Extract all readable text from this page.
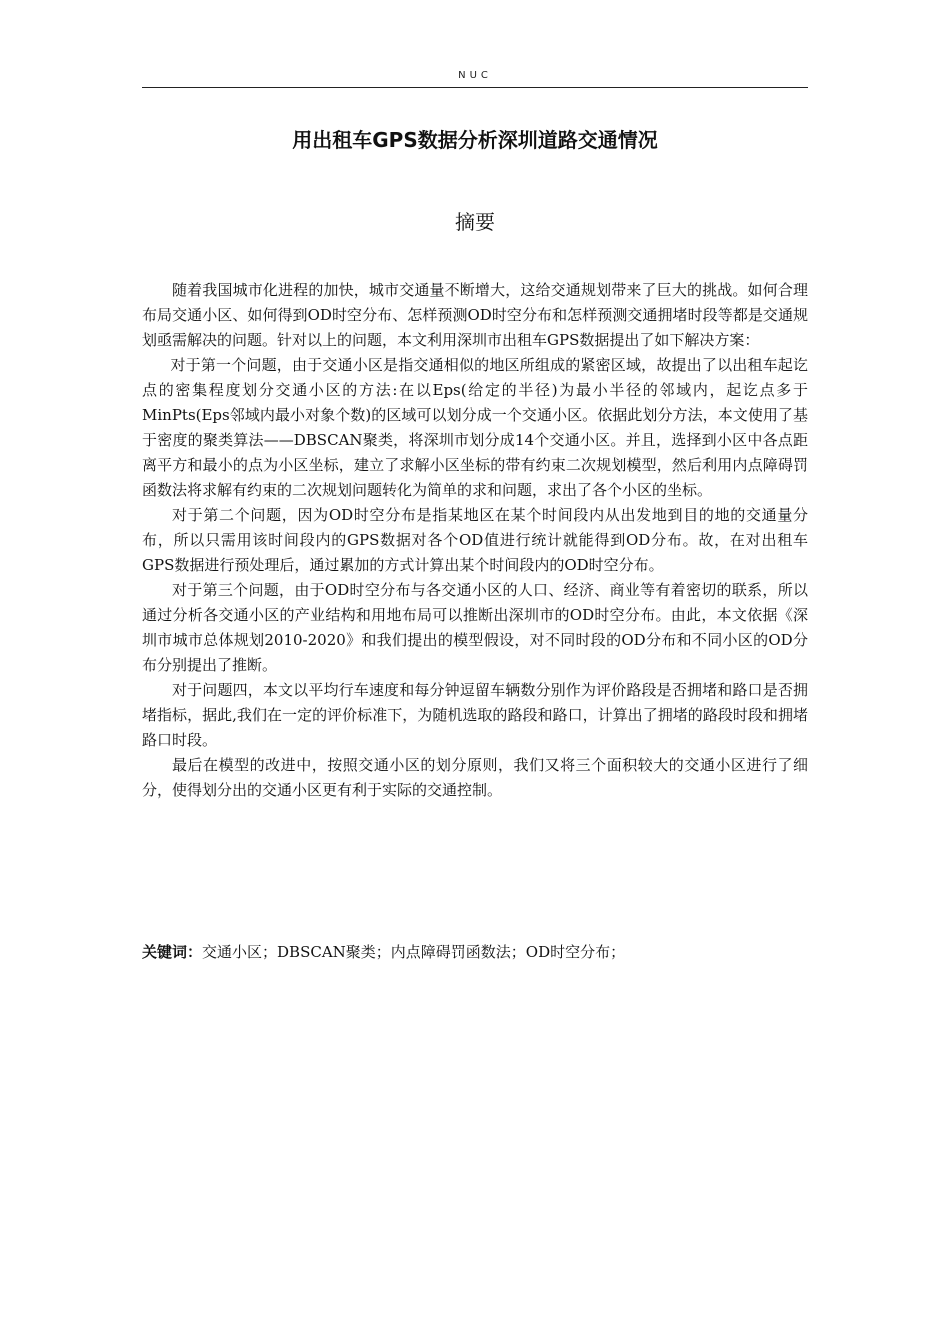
NUC
用出租车GPS数据分析深圳道路交通情况
摘要

随着我国城市化进程的加快，城市交通量不断增大，这给交通规划带来了巨大的挑战。如何合理布局交通小区、如何得到OD时空分布、怎样预测OD时空分布和怎样预测交通拥堵时段等都是交通规划亟需解决的问题。针对以上的问题，本文利用深圳市出租车GPS数据提出了如下解决方案：

对于第一个问题，由于交通小区是指交通相似的地区所组成的紧密区域，故提出了以出租车起讫点的密集程度划分交通小区的方法:在以Eps(给定的半径)为最小半径的邻域内，起讫点多于MinPts(Eps邻域内最小对象个数)的区域可以划分成一个交通小区。依据此划分方法，本文使用了基于密度的聚类算法——DBSCAN聚类，将深圳市划分成14个交通小区。并且，选择到小区中各点距离平方和最小的点为小区坐标，建立了求解小区坐标的带有约束二次规划模型，然后利用内点障碍罚函数法将求解有约束的二次规划问题转化为简单的求和问题，求出了各个小区的坐标。

对于第二个问题，因为OD时空分布是指某地区在某个时间段内从出发地到目的地的交通量分布，所以只需用该时间段内的GPS数据对各个OD值进行统计就能得到OD分布。故，在对出租车GPS数据进行预处理后，通过累加的方式计算出某个时间段内的OD时空分布。

对于第三个问题，由于OD时空分布与各交通小区的人口、经济、商业等有着密切的联系，所以通过分析各交通小区的产业结构和用地布局可以推断出深圳市的OD时空分布。由此，本文依据《深圳市城市总体规划2010-2020》和我们提出的模型假设，对不同时段的OD分布和不同小区的OD分布分别提出了推断。

对于问题四，本文以平均行车速度和每分钟逗留车辆数分别作为评价路段是否拥堵和路口是否拥堵指标，据此,我们在一定的评价标准下，为随机选取的路段和路口，计算出了拥堵的路段时段和拥堵路口时段。

最后在模型的改进中，按照交通小区的划分原则，我们又将三个面积较大的交通小区进行了细分，使得划分出的交通小区更有利于实际的交通控制。

关键词：交通小区；DBSCAN聚类；内点障碍罚函数法；OD时空分布；
